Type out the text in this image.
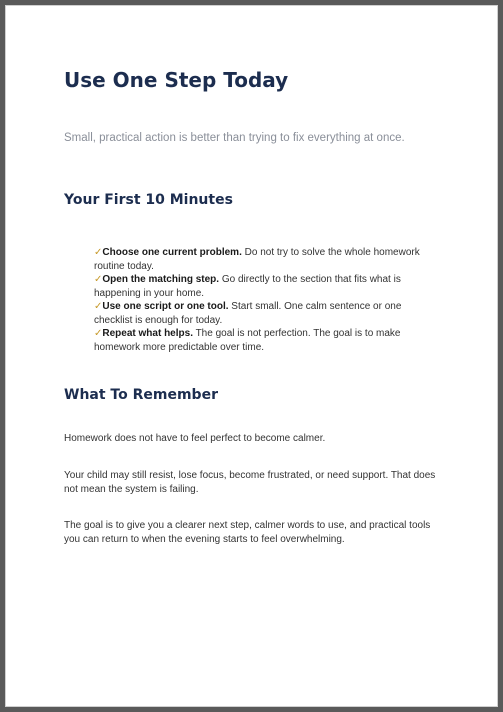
Use One Step Today

Small, practical action is better than trying to fix everything at once.

Your First 10 Minutes
✓Choose one current problem. Do not try to solve the whole homework routine today.
✓Open the matching step. Go directly to the section that fits what is happening in your home.
✓Use one script or one tool. Start small. One calm sentence or one checklist is enough for today.
✓Repeat what helps. The goal is not perfection. The goal is to make homework more predictable over time.
What To Remember

Homework does not have to feel perfect to become calmer.

Your child may still resist, lose focus, become frustrated, or need support. That does not mean the system is failing.

The goal is to give you a clearer next step, calmer words to use, and practical tools you can return to when the evening starts to feel overwhelming.
